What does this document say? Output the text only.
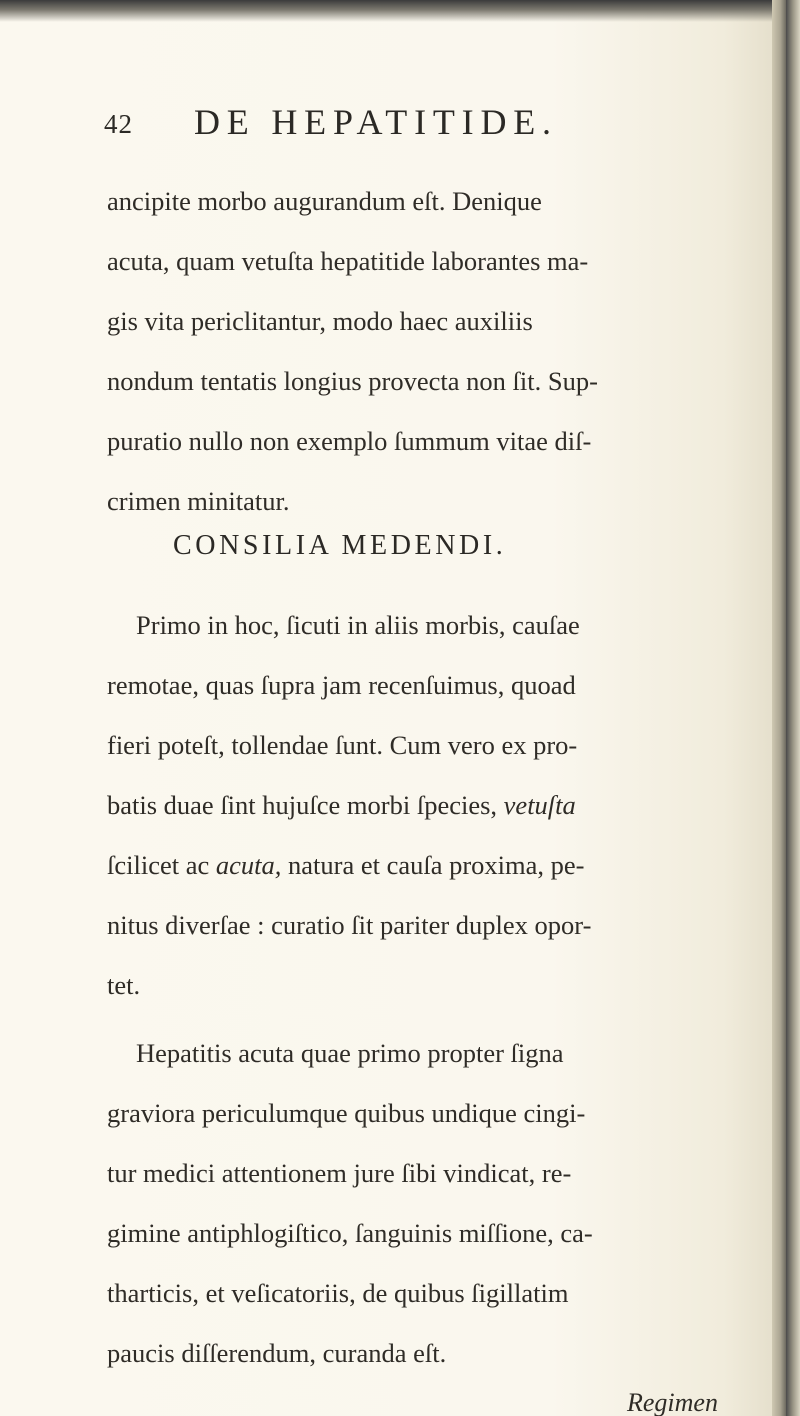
42 DE HEPATITIDE.
ancipite morbo augurandum eſt. Denique
acuta, quam vetuſta hepatitide laborantes ma-
gis vita periclitantur, modo haec auxiliis
nondum tentatis longius provecta non ſit. Sup-
puratio nullo non exemplo ſummum vitae diſ-
crimen minitatur.
CONSILIA MEDENDI.
Primo in hoc, ſicuti in aliis morbis, cauſae
remotae, quas ſupra jam recenſuimus, quoad
fieri poteſt, tollendae ſunt. Cum vero ex pro-
batis duae ſint hujuſce morbi ſpecies, vetuſta
ſcilicet ac acuta, natura et cauſa proxima, pe-
nitus diverſae : curatio ſit pariter duplex opor-
tet.
Hepatitis acuta quae primo propter ſigna
graviora periculumque quibus undique cingi-
tur medici attentionem jure ſibi vindicat, re-
gimine antiphlogiſtico, ſanguinis miſſione, ca-
tharticis, et veſicatoriis, de quibus ſigillatim
paucis diſſerendum, curanda eſt.
Regimen
